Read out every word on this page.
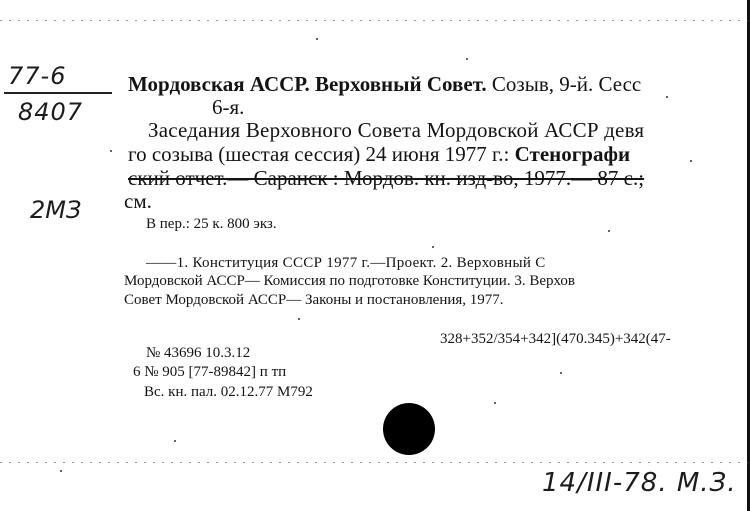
77-6
8407
2МЗ
Мордовская АССР. Верховный Совет. Созыв, 9-й. Сесс
6-я.
Заседания Верховного Совета Мордовской АССР девя
го созыва (шестая сессия) 24 июня 1977 г.: Стенографи
ский отчет.— Саранск : Мордов. кн. изд-во, 1977.— 87 с.;
см.
В пер.: 25 к. 800 экз.
——1. Конституция СССР 1977 г.—Проект. 2. Верховный С
Мордовской АССР— Комиссия по подготовке Конституции. 3. Верхов
Совет Мордовской АССР— Законы и постановления, 1977.
328+352/354+342](470.345)+342(47-
№ 43696 10.3.12
6 № 905 [77-89842] п тп
Вс. кн. пал. 02.12.77 М792
14/III-78. М.З.
